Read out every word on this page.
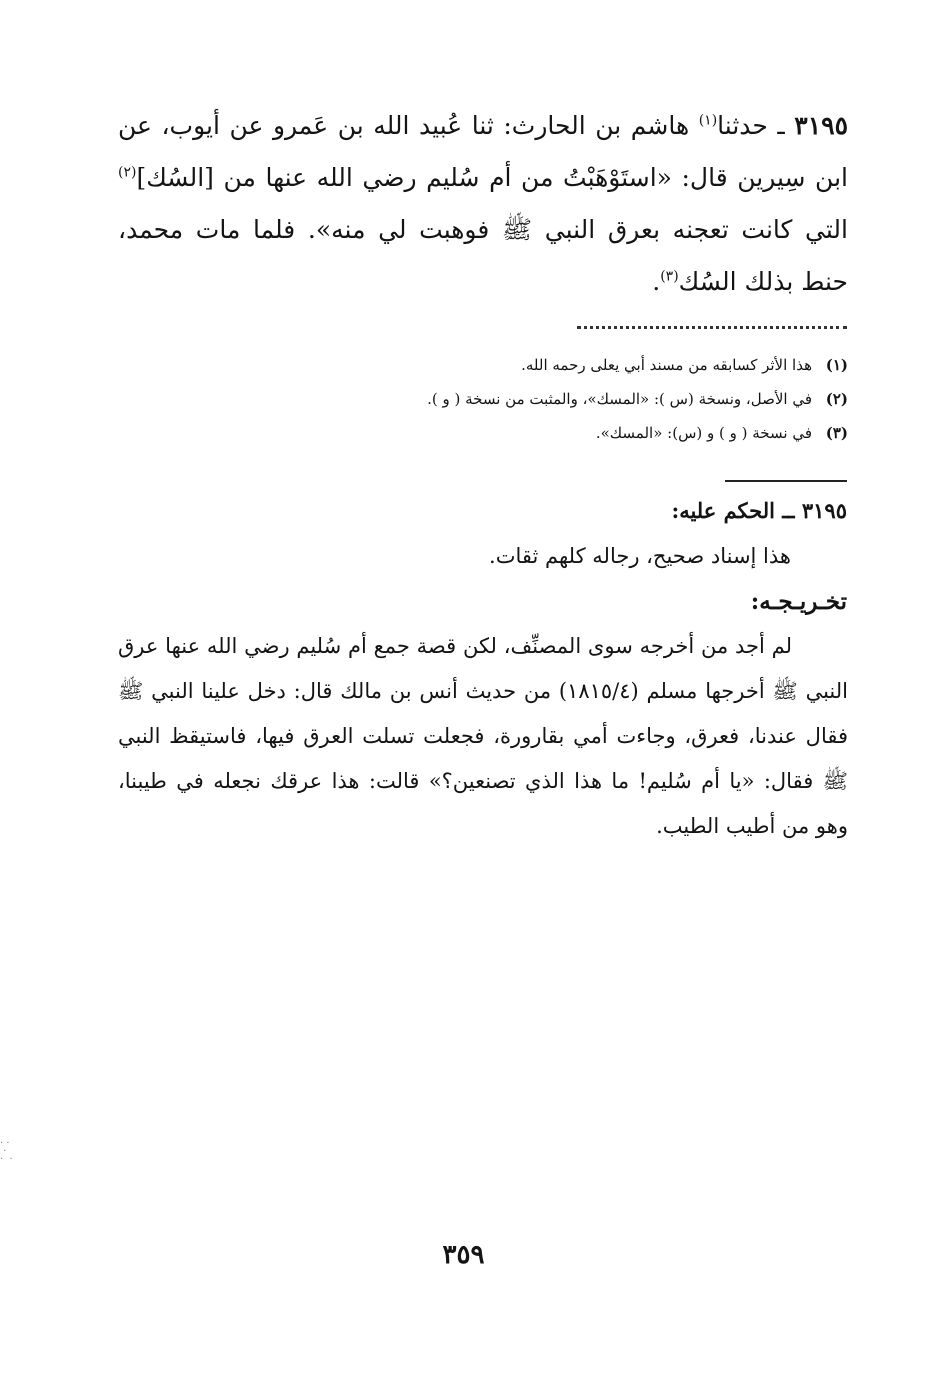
٣١٩٥ ـ حدثنا$^{(١)}$ هاشم بن الحارث: ثنا عُبيد الله بن عَمرو عن أيوب، عن ابن سِيرين قال: «استَوْهَبْتُ من أم سُليم رضي الله عنها من [السُك]$^{(٢)}$ التي كانت تعجنه بعرق النبي ﷺ فوهبت لي منه». فلما مات محمد، حنط بذلك السُك$^{(٣)}$.

(١)هذا الأثر كسابقه من مسند أبي يعلى رحمه الله.
(٢)في الأصل، ونسخة (س ): «المسك»، والمثبت من نسخة ( و ).
(٣)في نسخة ( و ) و (س): «المسك».
٣١٩٥ ــ الحكم عليه:

هذا إسناد صحيح، رجاله كلهم ثقات.

تخـريـجـه:

لم أجد من أخرجه سوى المصنِّف، لكن قصة جمع أم سُليم رضي الله عنها عرق النبي ﷺ أخرجها مسلم (١٨١٥/٤) من حديث أنس بن مالك قال: دخل علينا النبي ﷺ فقال عندنا، فعرق، وجاءت أمي بقارورة، فجعلت تسلت العرق فيها، فاستيقظ النبي ﷺ فقال: «يا أم سُليم! ما هذا الذي تصنعين؟» قالت: هذا عرقك نجعله في طيبنا، وهو من أطيب الطيب.

٣٥٩

· ·
·
·  ·
